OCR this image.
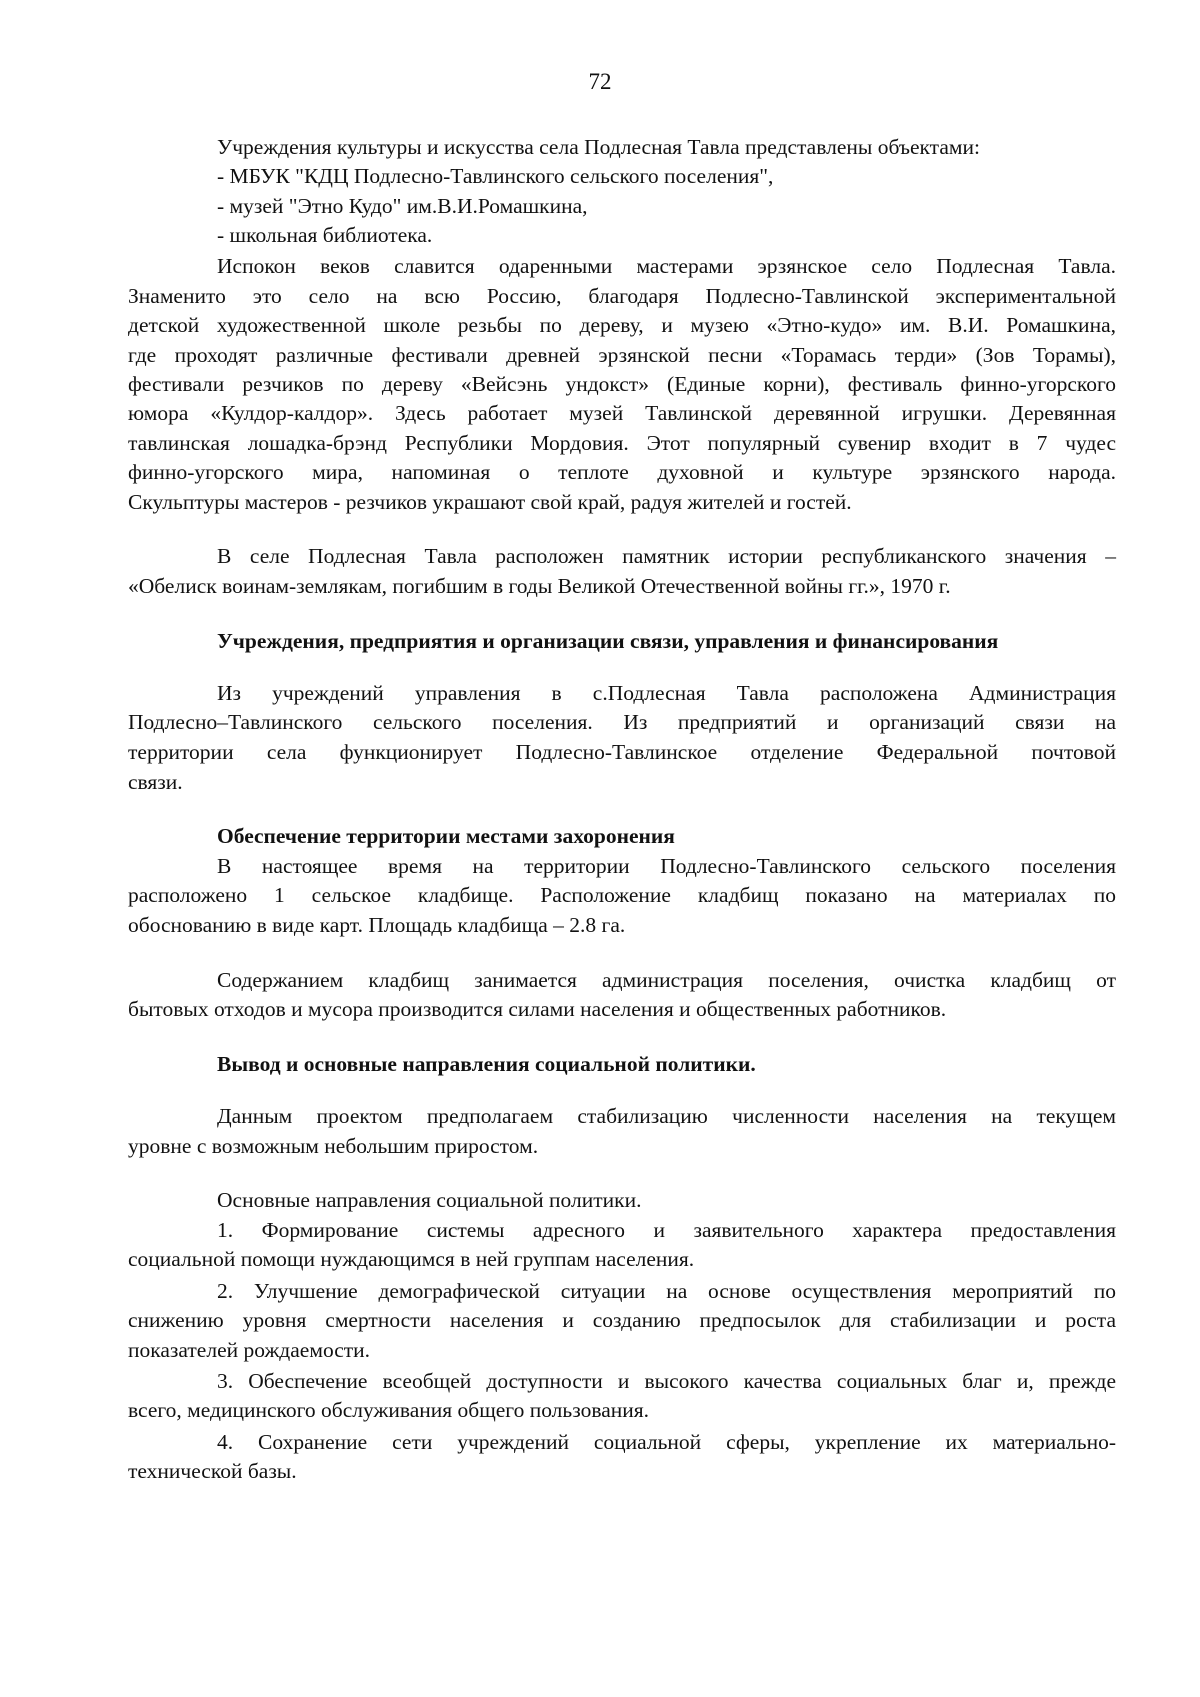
72
Учреждения культуры и искусства села Подлесная Тавла представлены объектами:
- МБУК "КДЦ Подлесно-Тавлинского сельского поселения",
- музей "Этно Кудо" им.В.И.Ромашкина,
- школьная библиотека.
Испокон веков славится одаренными мастерами эрзянское село Подлесная Тавла.
Знаменито это село на всю Россию, благодаря Подлесно-Тавлинской экспериментальной
детской художественной школе резьбы по дереву, и музею «Этно-кудо» им. В.И. Ромашкина,
где проходят различные фестивали древней эрзянской песни «Торамась терди» (Зов Торамы),
фестивали резчиков по дереву «Вейсэнь ундокст» (Единые корни), фестиваль финно-угорского
юмора «Кулдор-калдор». Здесь работает музей Тавлинской деревянной игрушки. Деревянная
тавлинская лошадка-брэнд Республики Мордовия. Этот популярный сувенир входит в 7 чудес
финно-угорского мира, напоминая о теплоте духовной и культуре эрзянского народа.
Скульптуры мастеров - резчиков украшают свой край, радуя жителей и гостей.
В селе Подлесная Тавла расположен памятник истории республиканского значения –
«Обелиск воинам-землякам, погибшим в годы Великой Отечественной войны гг.», 1970 г.
Учреждения, предприятия и организации связи, управления и финансирования
Из учреждений управления в с.Подлесная Тавла расположена Администрация
Подлесно–Тавлинского сельского поселения. Из предприятий и организаций связи на
территории села функционирует Подлесно-Тавлинское отделение Федеральной почтовой
связи.
Обеспечение территории местами захоронения
В настоящее время на территории Подлесно-Тавлинского сельского поселения
расположено 1 сельское кладбище. Расположение кладбищ показано на материалах по
обоснованию в виде карт. Площадь кладбища – 2.8 га.
Содержанием кладбищ занимается администрация поселения, очистка кладбищ от
бытовых отходов и мусора производится силами населения и общественных работников.
Вывод и основные направления социальной политики.
Данным проектом предполагаем стабилизацию численности населения на текущем
уровне с возможным небольшим приростом.
Основные направления социальной политики.
1. Формирование системы адресного и заявительного характера предоставления
социальной помощи нуждающимся в ней группам населения.
2. Улучшение демографической ситуации на основе осуществления мероприятий по
снижению уровня смертности населения и созданию предпосылок для стабилизации и роста
показателей рождаемости.
3. Обеспечение всеобщей доступности и высокого качества социальных благ и, прежде
всего, медицинского обслуживания общего пользования.
4. Сохранение сети учреждений социальной сферы, укрепление их материально-
технической базы.
